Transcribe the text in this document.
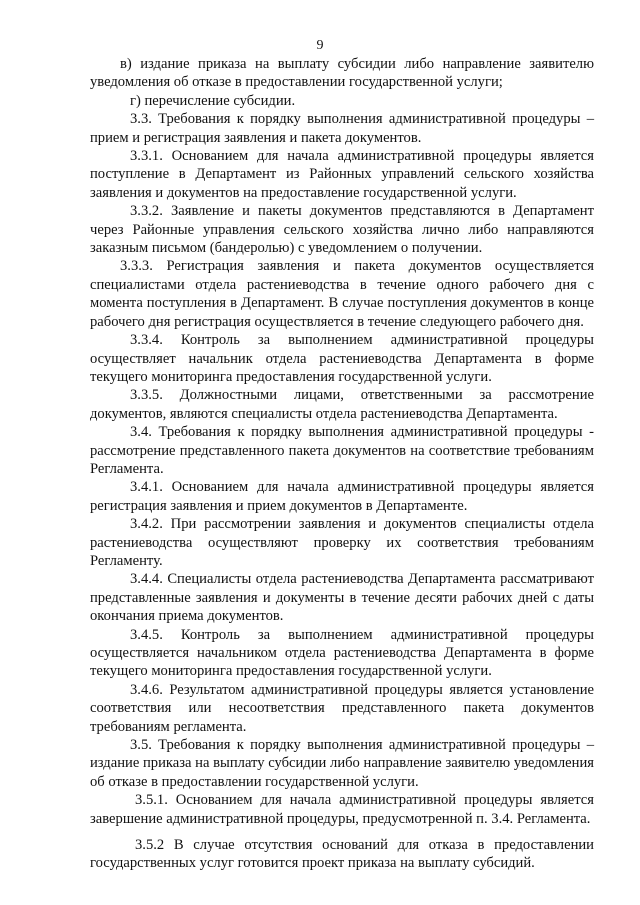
9

в) издание приказа на выплату субсидии либо направление заявителю уведомления об отказе в предоставлении государственной услуги;

г) перечисление субсидии.

3.3. Требования к порядку выполнения административной процедуры – прием и регистрация заявления и пакета документов.

3.3.1. Основанием для начала административной процедуры является поступление в Департамент из Районных управлений сельского хозяйства заявления и документов на предоставление государственной услуги.

3.3.2. Заявление и пакеты документов представляются в Департамент через Районные управления сельского хозяйства лично либо направляются заказным письмом (бандеролью) с уведомлением о получении.

3.3.3. Регистрация заявления и пакета документов осуществляется специалистами отдела растениеводства в течение одного рабочего дня с момента поступления в Департамент. В случае поступления документов в конце рабочего дня регистрация осуществляется в течение следующего рабочего дня.

3.3.4. Контроль за выполнением административной процедуры осуществляет начальник отдела растениеводства Департамента в форме текущего мониторинга предоставления государственной услуги.

3.3.5. Должностными лицами, ответственными за рассмотрение документов, являются специалисты отдела растениеводства Департамента.

3.4. Требования к порядку выполнения административной процедуры - рассмотрение представленного пакета документов на соответствие требованиям Регламента.

3.4.1. Основанием для начала административной процедуры является регистрация заявления и прием документов в Департаменте.

3.4.2. При рассмотрении заявления и документов специалисты отдела растениеводства осуществляют проверку их соответствия требованиям Регламенту.

3.4.4. Специалисты отдела растениеводства Департамента рассматривают представленные заявления и документы в течение десяти рабочих дней с даты окончания приема документов.

3.4.5. Контроль за выполнением административной процедуры осуществляется начальником отдела растениеводства Департамента в форме текущего мониторинга предоставления государственной услуги.

3.4.6. Результатом административной процедуры является установление соответствия или несоответствия представленного пакета документов требованиям регламента.

3.5. Требования к порядку выполнения административной процедуры – издание приказа на выплату субсидии либо направление заявителю уведомления об отказе в предоставлении государственной услуги.

3.5.1. Основанием для начала административной процедуры является завершение административной процедуры, предусмотренной п. 3.4. Регламента.

3.5.2 В случае отсутствия оснований для отказа в предоставлении государственных услуг готовится проект приказа на выплату субсидий.
